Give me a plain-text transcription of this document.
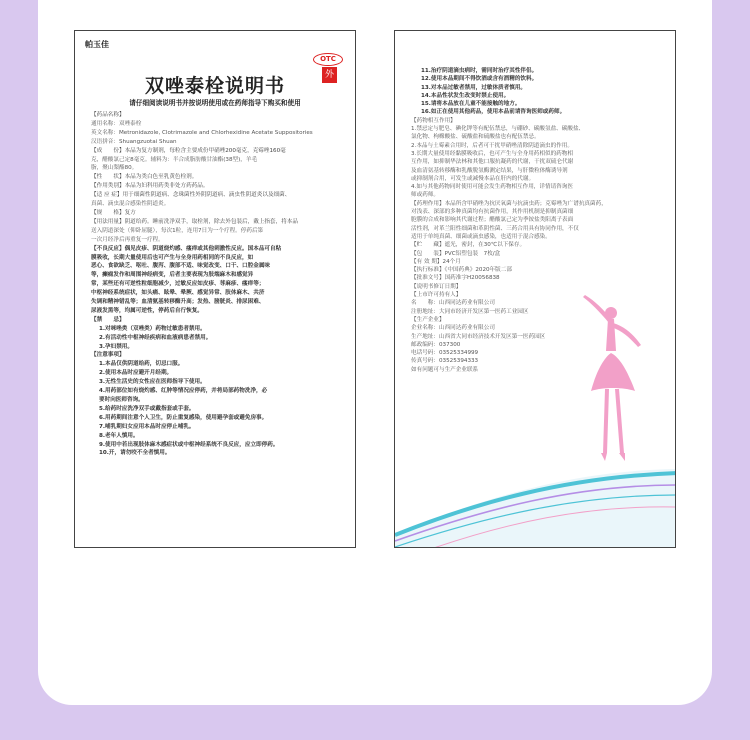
帕玉佳
OTC
外
双唑泰栓说明书
请仔细阅读说明书并按说明使用或在药师指导下购买和使用
【药品名称】
通用名称：双唑泰栓
英文名称：Metronidazole, Clotrimazole and Chlorhexidine Acetate Suppositories
汉语拼音：Shuangzuotai Shuan
【成　　份】本品为复方制剂，每粒含主要成份甲硝唑200毫克，克霉唑160毫
克，醋酸氯己定8毫克。辅料为：半合成脂肪酸甘油酯(38型)，羊毛
脂，聚山梨酯80。
【性　　状】本品为类白色至乳黄色栓剂。
【作用类别】本品为妇科用药类非处方药药品。
【适 应 症】用于细菌性阴道病、念珠菌性外阴阴道病、滴虫性阴道炎以及细菌、
真菌、滴虫混合感染性阴道炎。
【规　　格】复方
【用法用量】阴道给药。睡前洗净双手，取栓剂，除去外包装后，戴上指套，将本品
送入阴道深处（仰卧屈腿），每次1粒，连用7日为一个疗程。停药后第
一次月经净后再重复一疗程。
【不良反应】偶见皮疹、阴道烧灼感、瘙痒或其他刺激性反应。国本品可自粘
膜吸收，长期大量使用后也可产生与全身用药相同的不良反应，如
恶心、食欲缺乏、呕吐、腹泻、腹部不适、味觉改变、口干、口腔金属味
等，癫痫发作和周围神经病变，后者主要表现为肢端麻木和感觉异
常，某些还有可逆性粒细胞减少，过敏反应如皮疹、荨麻疹、瘙痒等；
中枢神经系统症状，如头痛、眩晕、晕厥、感觉异常、肢体麻木、共济
失调和精神错乱等；血清氨基转移酶升高；发热、膀胱炎、排尿困难、
尿液发黑等，均属可逆性，停药后自行恢复。
【禁　　忌】
1.对咪唑类（双唑类）药物过敏患者禁用。
2.有活动性中枢神经疾病和血液病患者禁用。
3.孕妇禁用。
【注意事项】
1.本品仅供阴道给药，切忌口服。
2.使用本品时应避开月经期。
3.无性生活史的女性应在医师指导下使用。
4.用药部位如有烧灼感、红肿等情况应停药，并将局部药物洗净，必
要时向医师咨询。
5.给药时应洗净双手或戴指套或手套。
6.用药期间注意个人卫生，防止重复感染，使用避孕套或避免房事。
7.哺乳期妇女应用本品时应停止哺乳。
8.老年人慎用。
9.使用中若出现肢体麻木感症状或中枢神经系统不良反应，应立即停药。
10.开，请勿咬不全者慎用。
11.治疗阴道滴虫病时，需同时治疗其性伴侣。
12.使用本品期间不得饮酒或含有酒精的饮料。
13.对本品过敏者禁用，过敏体质者慎用。
14.本品性状发生改变时禁止使用。
15.请将本品放在儿童不能接触的地方。
16.如正在使用其他药品，使用本品前请咨询医师或药师。
【药物相互作用】
1.禁忌定与肥皂、碘化钾等有配伍禁忌，与硼砂、碳酸氢盐、碳酸盐、
氯化物、枸橼酸盐、硫酸盐和硫酸盐也有配伍禁忌。
2.本品与土霉素合用时，后者可干扰甲硝唑清除阴道滴虫的作用。
3.长期大量使用经黏膜吸收后，也可产生与全身用药相似的药物相
互作用，如抑制华法林和其他口服抗凝药的代谢，干扰双硫仑代谢
及血清氨基转移酶和乳酸脱氢酶测定结果，与肝微粒体酶诱导剂
或抑制剂合用，可发生或减慢本品在肝内的代谢。
4.如与其他药物同时使用可能会发生药物相互作用，详情请咨询医
师或药师。
【药理作用】本品所含甲硝唑为抗厌氧菌与抗滴虫药；克霉唑为广谱抗真菌药，
对浅表、深部的多种真菌均有抗菌作用，其作用机制是抑制真菌细
胞膜的合成和影响其代谢过程；醋酸氯己定为季铵盐类阳离子表面
活性剂，对革兰阳性细菌和革阴性菌、三药合用具有协同作用，不仅
适用于单纯真菌、细菌或滴虫感染，也适用于混合感染。
【贮　　藏】遮光，密封，在30℃以下保存。
【包　　装】PVC铝塑包装　7枚/盒
【有 效 期】24个月
【执行标准】《中国药典》2020年版二部
【批准文号】国药准字H20056838
【说明书修订日期】
【上市许可持有人】
名　　称：山西同达药业有限公司
注册地址：大同市经济开发区第一医药工业园区
【生产企业】
企业名称：山西同达药业有限公司
生产地址：山西省大同市经济技术开发区第一医药园区
邮政编码：037300
电话号码：03525334999
传真号码：03525394333
如有问题可与生产企业联系
